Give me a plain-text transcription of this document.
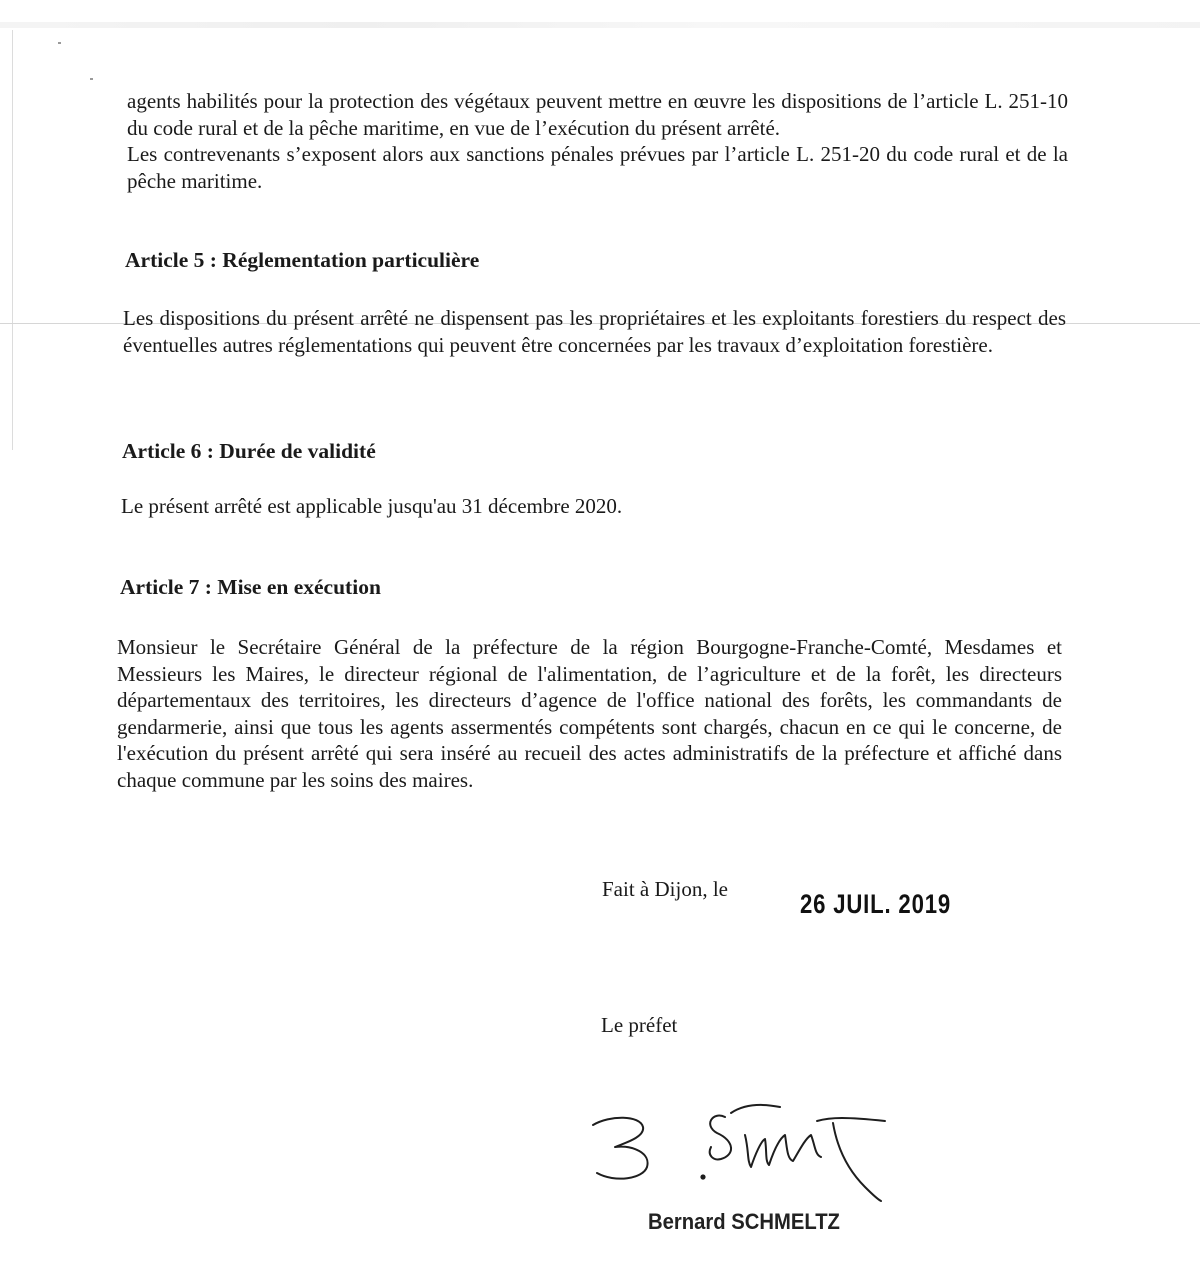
agents habilités pour la protection des végétaux peuvent mettre en œuvre les dispositions de l’article L. 251-10 du code rural et de la pêche maritime, en vue de l’exécution du présent arrêté.

Les contrevenants s’exposent alors aux sanctions pénales prévues par l’article L. 251-20 du code rural et de la pêche maritime.

Article 5 : Réglementation particulière
Les dispositions du présent arrêté ne dispensent pas les propriétaires et les exploitants forestiers du respect des éventuelles autres réglementations qui peuvent être concernées par les travaux d’exploitation forestière.
Article 6 : Durée de validité
Le présent arrêté est applicable jusqu'au 31 décembre 2020.
Article 7 : Mise en exécution
Monsieur le Secrétaire Général de la préfecture de la région Bourgogne-Franche-Comté, Mesdames et Messieurs les Maires, le directeur régional de l'alimentation, de l’agriculture et de la forêt, les directeurs départementaux des territoires, les directeurs d’agence de l'office national des forêts, les commandants de gendarmerie, ainsi que tous les agents assermentés compétents sont chargés, chacun en ce qui le concerne, de l'exécution du présent arrêté qui sera inséré au recueil des actes administratifs de la préfecture et affiché dans chaque commune par les soins des maires.
Fait à Dijon, le	26 JUIL. 2019
Le préfet
Bernard SCHMELTZ
